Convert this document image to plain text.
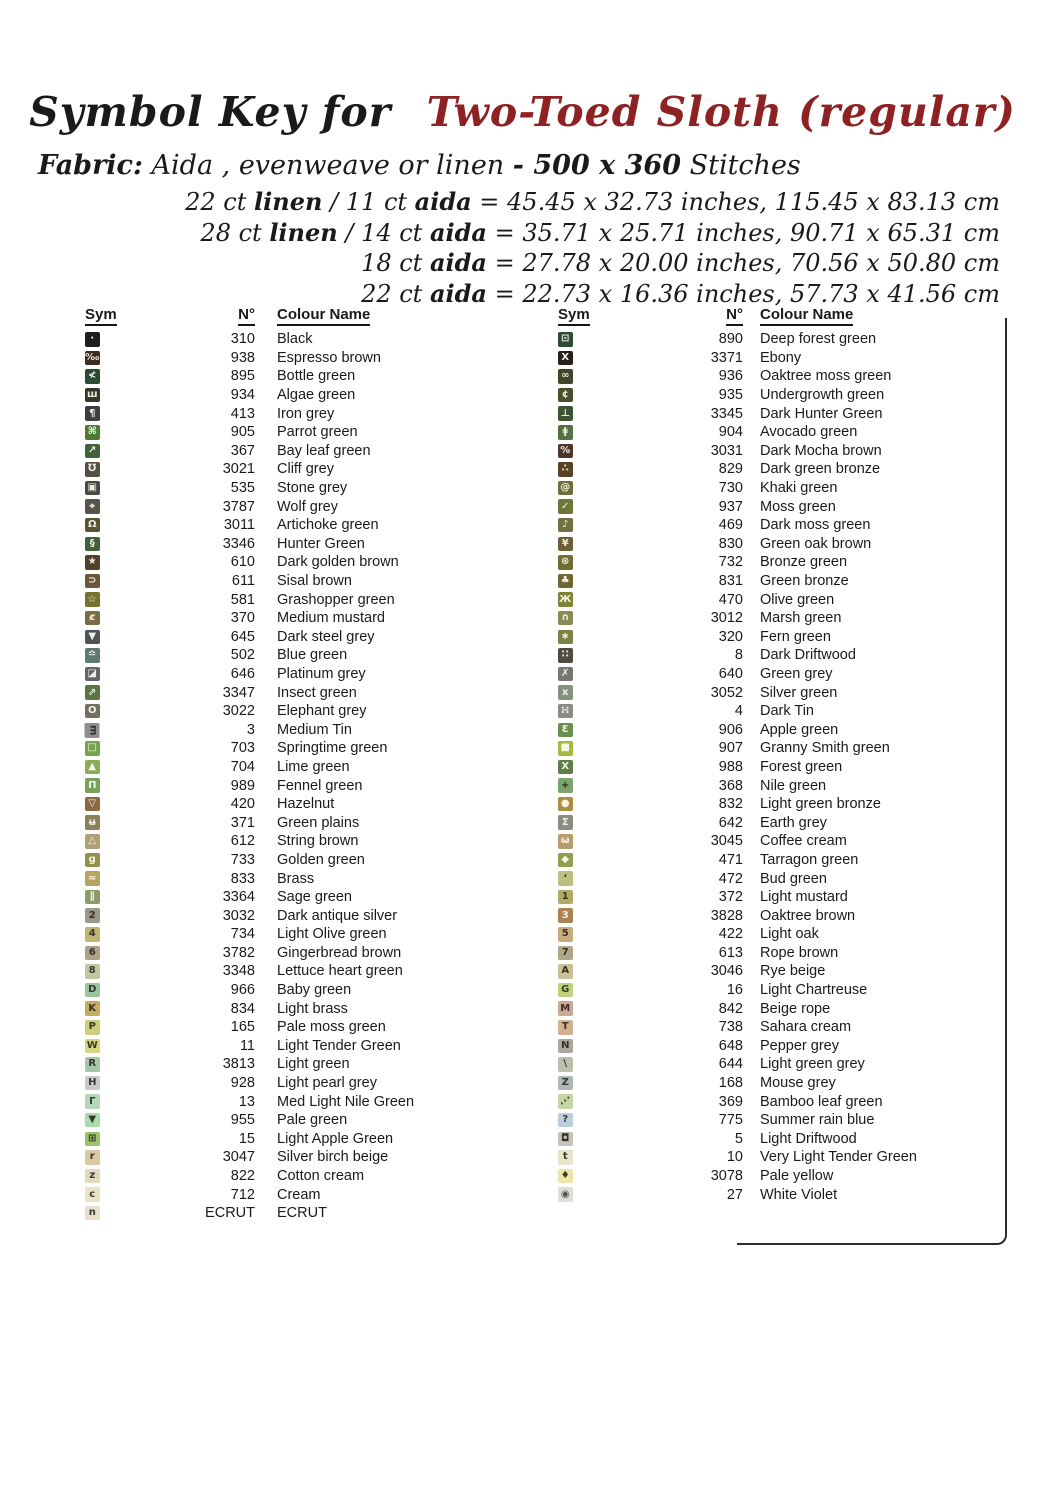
Symbol Key for Two-Toed Sloth (regular)
Fabric: Aida , evenweave or linen - 500 x 360 Stitches
22 ct linen / 11 ct aida = 45.45 x 32.73 inches, 115.45 x 83.13 cm
28 ct linen / 14 ct aida = 35.71 x 25.71 inches, 90.71 x 65.31 cm
18 ct aida = 27.78 x 20.00 inches, 70.56 x 50.80 cm
22 ct aida = 22.73 x 16.36 inches, 57.73 x 41.56 cm
Sym	N° Colour Name
·	310	Black
‰	938	Espresso brown
≮	895	Bottle green
ш	934	Algae green
¶	413	Iron grey
⌘	905	Parrot green
↗	367	Bay leaf green
℧	3021	Cliff grey
▣	535	Stone grey
⌖	3787	Wolf grey
Ω	3011	Artichoke green
§	3346	Hunter Green
★	610	Dark golden brown
⊃	611	Sisal brown
☆	581	Grashopper green
ȼ	370	Medium mustard
▼	645	Dark steel grey
≏	502	Blue green
◪	646	Platinum grey
⇗	3347	Insect green
O	3022	Elephant grey
m	3	Medium Tin
□	703	Springtime green
▲	704	Lime green
Π	989	Fennel green
▽	420	Hazelnut
ʉ	371	Green plains
△	612	String brown
g	733	Golden green
≈	833	Brass
∥	3364	Sage green
2	3032	Dark antique silver
4	734	Light Olive green
6	3782	Gingerbread brown
8	3348	Lettuce heart green
D	966	Baby green
K	834	Light brass
P	165	Pale moss green
W	11	Light Tender Green
R	3813	Light green
H	928	Light pearl grey
Γ	13	Med Light Nile Green
▼	955	Pale green
⊞	15	Light Apple Green
r	3047	Silver birch beige
z	822	Cotton cream
c	712	Cream
n	ECRUT	ECRUT
Sym	N° Colour Name
⊡	890	Deep forest green
X	3371	Ebony
∞	936	Oaktree moss green
¢	935	Undergrowth green
⊥	3345	Dark Hunter Green
ǂ	904	Avocado green
%	3031	Dark Mocha brown
∴	829	Dark green bronze
@	730	Khaki green
✓	937	Moss green
♪	469	Dark moss green
¥	830	Green oak brown
⊛	732	Bronze green
♣	831	Green bronze
Ж	470	Olive green
∩	3012	Marsh green
∗	320	Fern green
∷	8	Dark Driftwood
✗	640	Green grey
x	3052	Silver green
∺	4	Dark Tin
Ɛ	906	Apple green
■	907	Granny Smith green
X	988	Forest green
+	368	Nile green
●	832	Light green bronze
Σ	642	Earth grey
ω	3045	Coffee cream
◆	471	Tarragon green
‘	472	Bud green
1	372	Light mustard
3	3828	Oaktree brown
5	422	Light oak
7	613	Rope brown
A	3046	Rye beige
G	16	Light Chartreuse
M	842	Beige rope
T	738	Sahara cream
N	648	Pepper grey
\	644	Light green grey
Z	168	Mouse grey
⋰	369	Bamboo leaf green
?	775	Summer rain blue
◘	5	Light Driftwood
t	10	Very Light Tender Green
♦	3078	Pale yellow
◉	27	White Violet
